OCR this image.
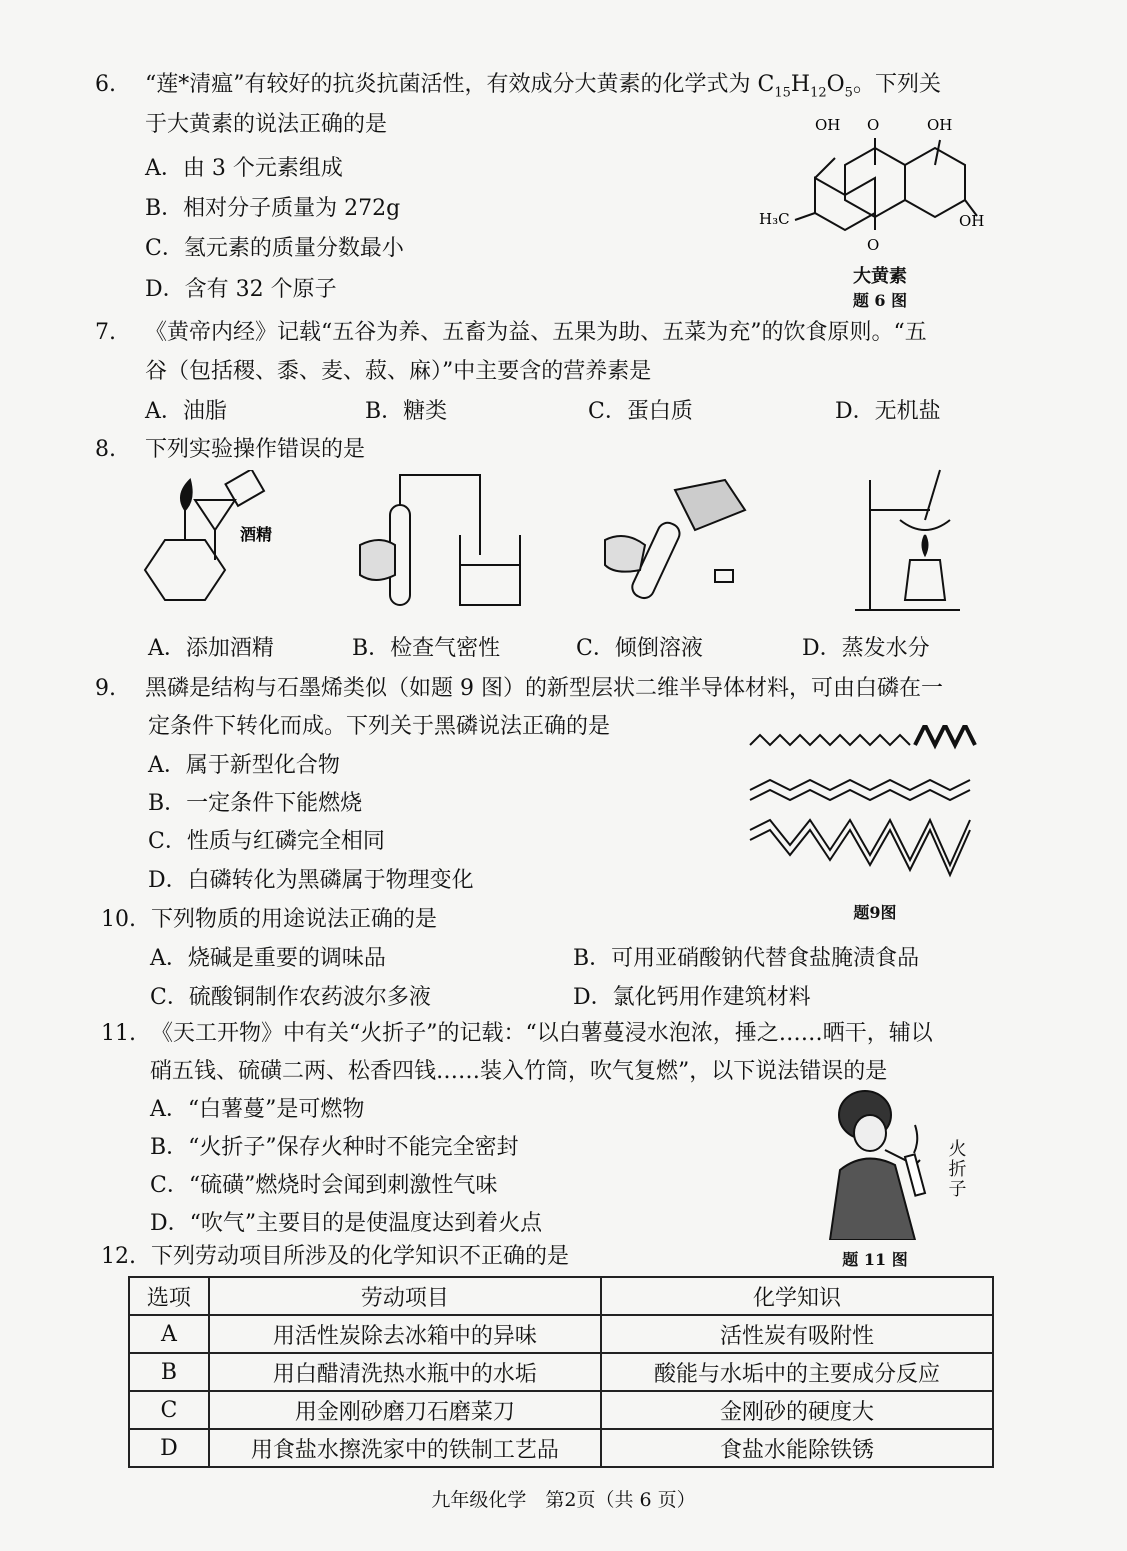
6. “莲*清瘟”有较好的抗炎抗菌活性，有效成分大黄素的化学式为 $C_{15}H_{12}O_5$。下列关
于大黄素的说法正确的是
A．由 3 个元素组成
B．相对分子质量为 272g
C．氢元素的质量分数最小
D．含有 32 个原子
OH O	OH
OH
H₃C
O
大黄素
题 6 图
7. 《黄帝内经》记载“五谷为养、五畜为益、五果为助、五菜为充”的饮食原则。“五
谷（包括稷、黍、麦、菽、麻）”中主要含的营养素是
A．油脂	B．糖类	C．蛋白质	D．无机盐
8. 下列实验操作错误的是
酒精
A．添加酒精	B．检查气密性	C．倾倒溶液	D．蒸发水分
9. 黑磷是结构与石墨烯类似（如题 9 图）的新型层状二维半导体材料，可由白磷在一
定条件下转化而成。下列关于黑磷说法正确的是
A．属于新型化合物
B．一定条件下能燃烧
C．性质与红磷完全相同
D．白磷转化为黑磷属于物理变化
题9图
10. 下列物质的用途说法正确的是
A．烧碱是重要的调味品	B．可用亚硝酸钠代替食盐腌渍食品
C．硫酸铜制作农药波尔多液	D．氯化钙用作建筑材料
11. 《天工开物》中有关“火折子”的记载：“以白薯蔓浸水泡浓，捶之……晒干，辅以
硝五钱、硫磺二两、松香四钱……装入竹筒，吹气复燃”，以下说法错误的是
A．“白薯蔓”是可燃物
B．“火折子”保存火种时不能完全密封
C．“硫磺”燃烧时会闻到刺激性气味
D．“吹气”主要目的是使温度达到着火点
火
折
子
题 11 图
12. 下列劳动项目所涉及的化学知识不正确的是
选项	劳动项目	化学知识
A	用活性炭除去冰箱中的异味	活性炭有吸附性
B	用白醋清洗热水瓶中的水垢	酸能与水垢中的主要成分反应
C	用金刚砂磨刀石磨菜刀	金刚砂的硬度大
D	用食盐水擦洗家中的铁制工艺品	食盐水能除铁锈
九年级化学　第2页（共 6 页）
